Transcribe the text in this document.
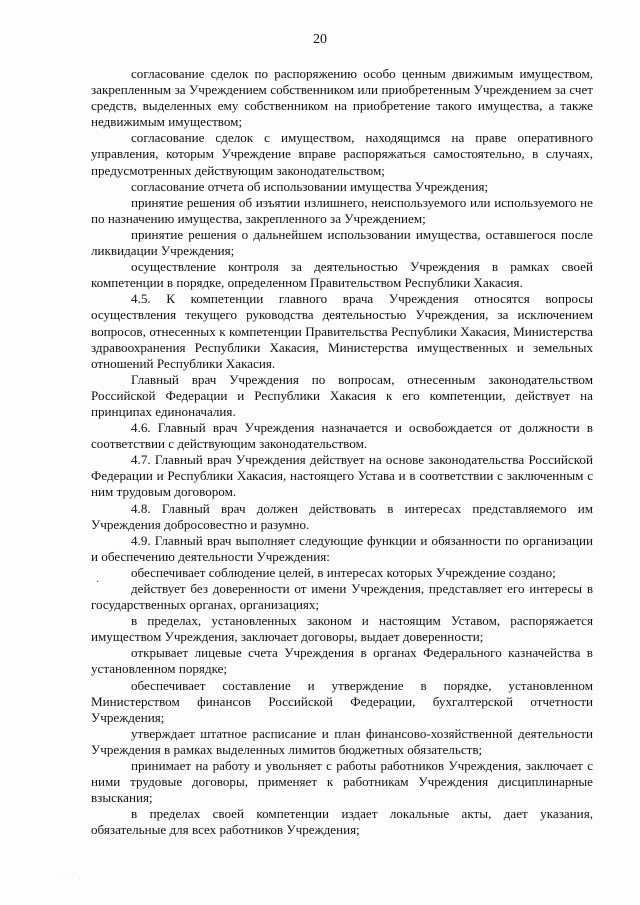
20

согласование сделок по распоряжению особо ценным движимым имуществом, закрепленным за Учреждением собственником или приобретенным Учреждением за счет средств, выделенных ему собственником на приобретение такого имущества, а также недвижимым имуществом;

согласование сделок с имуществом, находящимся на праве оперативного управления, которым Учреждение вправе распоряжаться самостоятельно, в случаях, предусмотренных действующим законодательством;

согласование отчета об использовании имущества Учреждения;

принятие решения об изъятии излишнего, неиспользуемого или используемого не по назначению имущества, закрепленного за Учреждением;

принятие решения о дальнейшем использовании имущества, оставшегося после ликвидации Учреждения;

осуществление контроля за деятельностью Учреждения в рамках своей компетенции в порядке, определенном Правительством Республики Хакасия.

4.5. К компетенции главного врача Учреждения относятся вопросы осуществления текущего руководства деятельностью Учреждения, за исключением вопросов, отнесенных к компетенции Правительства Республики Хакасия, Министерства здравоохранения Республики Хакасия, Министерства имущественных и земельных отношений Республики Хакасия.

Главный врач Учреждения по вопросам, отнесенным законодательством Российской Федерации и Республики Хакасия к его компетенции, действует на принципах единоначалия.

4.6. Главный врач Учреждения назначается и освобождается от должности в соответствии с действующим законодательством.

4.7. Главный врач Учреждения действует на основе законодательства Российской Федерации и Республики Хакасия, настоящего Устава и в соответствии с заключенным с ним трудовым договором.

4.8. Главный врач должен действовать в интересах представляемого им Учреждения добросовестно и разумно.

4.9. Главный врач выполняет следующие функции и обязанности по организации и обеспечению деятельности Учреждения:

обеспечивает соблюдение целей, в интересах которых Учреждение создано;

действует без доверенности от имени Учреждения, представляет его интересы в государственных органах, организациях;

в пределах, установленных законом и настоящим Уставом, распоряжается имуществом Учреждения, заключает договоры, выдает доверенности;

открывает лицевые счета Учреждения в органах Федерального казначейства в установленном порядке;

обеспечивает составление и утверждение в порядке, установленном Министерством финансов Российской Федерации, бухгалтерской отчетности Учреждения;

утверждает штатное расписание и план финансово-хозяйственной деятельности Учреждения в рамках выделенных лимитов бюджетных обязательств;

принимает на работу и увольняет с работы работников Учреждения, заключает с ними трудовые договоры, применяет к работникам Учреждения дисциплинарные взыскания;

в пределах своей компетенции издает локальные акты, дает указания, обязательные для всех работников Учреждения;

·
· · ·
